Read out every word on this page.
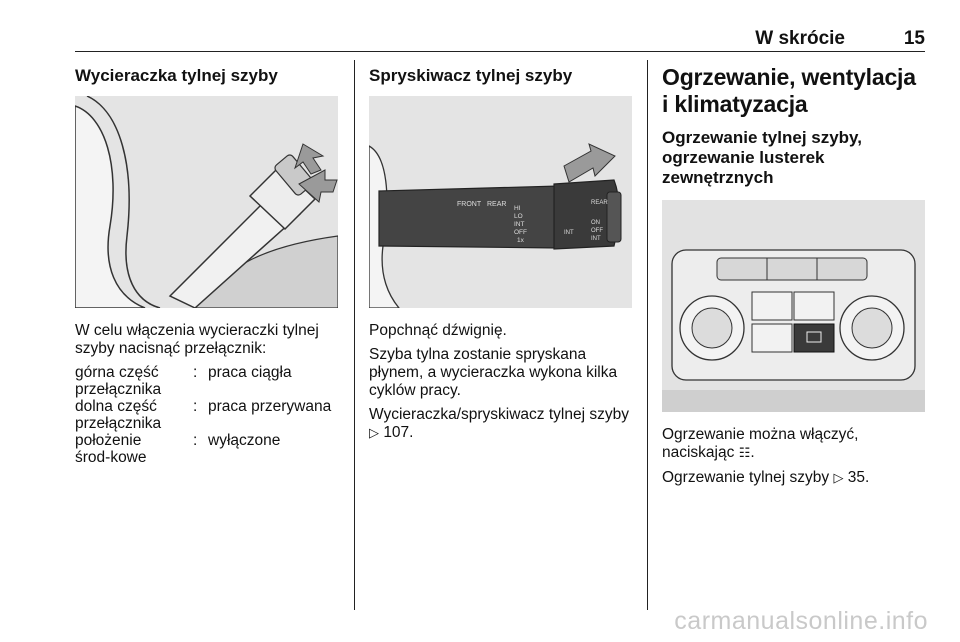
W skrócie	15
Wycieraczka tylnej szyby

W celu włączenia wycieraczki tylnej szyby nacisnąć przełącznik:

górna część przełącznika
: praca ciągła
dolna część przełącznika
: praca przerywana
położenie środ-kowe
: wyłączone
Spryskiwacz tylnej szyby
FRONT REAR
HI
LO
INT
OFF
1x
INT
REAR
ON
OFF
INT

Popchnąć dźwignię.

Szyba tylna zostanie spryskana płynem, a wycieraczka wykona kilka cyklów pracy.

Wycieraczka/spryskiwacz tylnej szyby ▷ 107.

Ogrzewanie, wentylacja i klimatyzacja
Ogrzewanie tylnej szyby, ogrzewanie lusterek zewnętrznych

Ogrzewanie można włączyć, naciskając ☷.

Ogrzewanie tylnej szyby ▷ 35.

carmanualsonline.info
